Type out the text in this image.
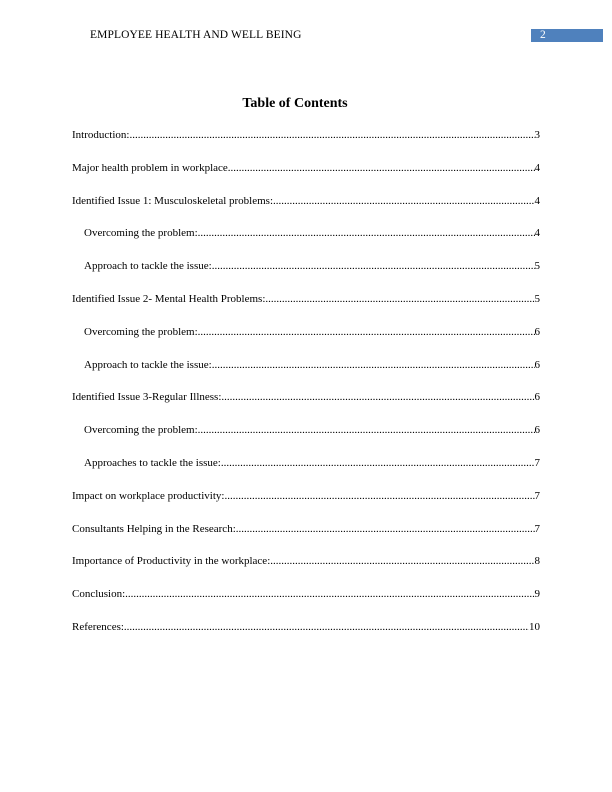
EMPLOYEE HEALTH AND WELL BEING	2
Table of Contents
Introduction: .....	3
Major health problem in workplace .....	4
Identified Issue 1: Musculoskeletal problems: .....	4
Overcoming the problem: .....	4
Approach to tackle the issue: .....	5
Identified Issue 2- Mental Health Problems: .....	5
Overcoming the problem: .....	6
Approach to tackle the issue: .....	6
Identified Issue 3-Regular Illness: .....	6
Overcoming the problem: .....	6
Approaches to tackle the issue: .....	7
Impact on workplace productivity: .....	7
Consultants Helping in the Research: .....	7
Importance of Productivity in the workplace: .....	8
Conclusion: .....	9
References: .....	10
